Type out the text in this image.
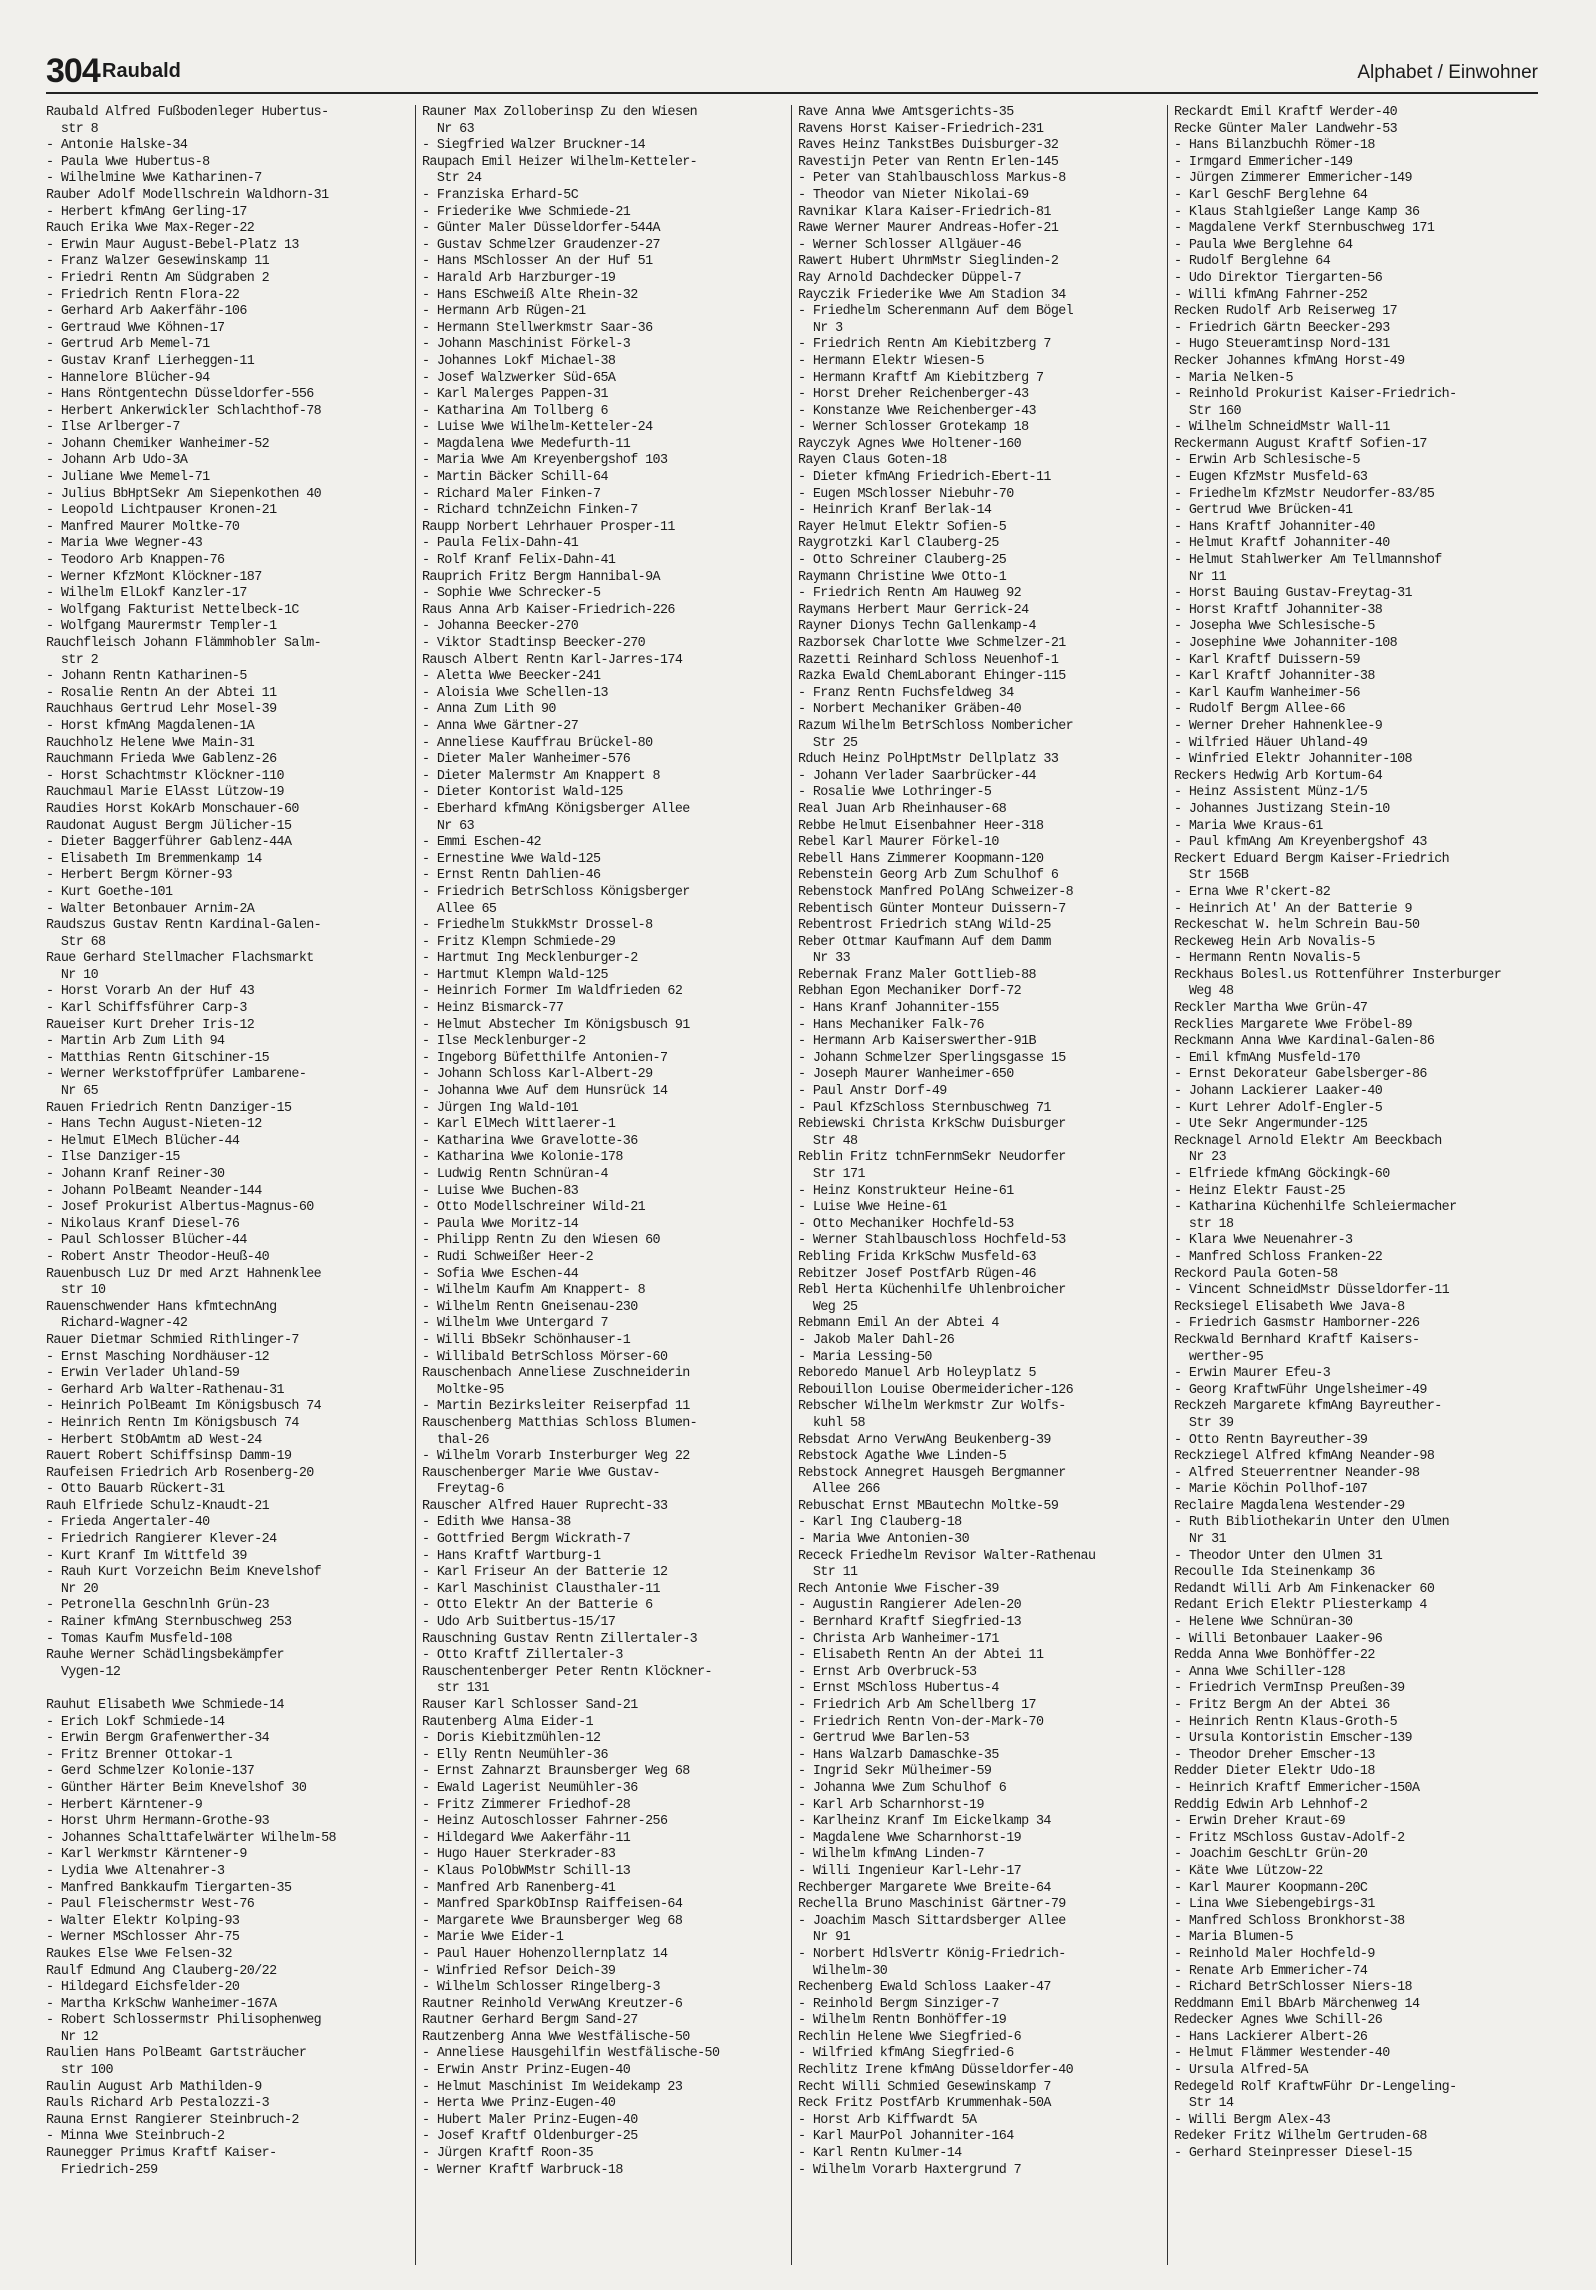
304 Raubald	Alphabet / Einwohner
Raubald Alfred Fußbodenleger Hubertus-
str 8
- Antonie Halske-34
- Paula Wwe Hubertus-8
- Wilhelmine Wwe Katharinen-7
Rauber Adolf Modellschrein Waldhorn-31
- Herbert kfmAng Gerling-17
Rauch Erika Wwe Max-Reger-22
- Erwin Maur August-Bebel-Platz 13
- Franz Walzer Gesewinskamp 11
- Friedri Rentn Am Südgraben 2
- Friedrich Rentn Flora-22
- Gerhard Arb Aakerfähr-106
- Gertraud Wwe Köhnen-17
- Gertrud Arb Memel-71
- Gustav Kranf Lierheggen-11
- Hannelore Blücher-94
- Hans Röntgentechn Düsseldorfer-556
- Herbert Ankerwickler Schlachthof-78
- Ilse Arlberger-7
- Johann Chemiker Wanheimer-52
- Johann Arb Udo-3A
- Juliane Wwe Memel-71
- Julius BbHptSekr Am Siepenkothen 40
- Leopold Lichtpauser Kronen-21
- Manfred Maurer Moltke-70
- Maria Wwe Wegner-43
- Teodoro Arb Knappen-76
- Werner KfzMont Klöckner-187
- Wilhelm ElLokf Kanzler-17
- Wolfgang Fakturist Nettelbeck-1C
- Wolfgang Maurermstr Templer-1
Rauchfleisch Johann Flämmhobler Salm-
str 2
- Johann Rentn Katharinen-5
- Rosalie Rentn An der Abtei 11
Rauchhaus Gertrud Lehr Mosel-39
- Horst kfmAng Magdalenen-1A
Rauchholz Helene Wwe Main-31
Rauchmann Frieda Wwe Gablenz-26
- Horst Schachtmstr Klöckner-110
Rauchmaul Marie ElAsst Lützow-19
Raudies Horst KokArb Monschauer-60
Raudonat August Bergm Jülicher-15
- Dieter Baggerführer Gablenz-44A
- Elisabeth Im Bremmenkamp 14
- Herbert Bergm Körner-93
- Kurt Goethe-101
- Walter Betonbauer Arnim-2A
Raudszus Gustav Rentn Kardinal-Galen-
Str 68
Raue Gerhard Stellmacher Flachsmarkt
Nr 10
- Horst Vorarb An der Huf 43
- Karl Schiffsführer Carp-3
Raueiser Kurt Dreher Iris-12
- Martin Arb Zum Lith 94
- Matthias Rentn Gitschiner-15
- Werner Werkstoffprüfer Lambarene-
Nr 65
Rauen Friedrich Rentn Danziger-15
- Hans Techn August-Nieten-12
- Helmut ElMech Blücher-44
- Ilse Danziger-15
- Johann Kranf Reiner-30
- Johann PolBeamt Neander-144
- Josef Prokurist Albertus-Magnus-60
- Nikolaus Kranf Diesel-76
- Paul Schlosser Blücher-44
- Robert Anstr Theodor-Heuß-40
Rauenbusch Luz Dr med Arzt Hahnenklee
str 10
Rauenschwender Hans kfmtechnAng
Richard-Wagner-42
Rauer Dietmar Schmied Rithlinger-7
- Ernst Masching Nordhäuser-12
- Erwin Verlader Uhland-59
- Gerhard Arb Walter-Rathenau-31
- Heinrich PolBeamt Im Königsbusch 74
- Heinrich Rentn Im Königsbusch 74
- Herbert StObAmtm aD West-24
Rauert Robert Schiffsinsp Damm-19
Raufeisen Friedrich Arb Rosenberg-20
- Otto Bauarb Rückert-31
Rauh Elfriede Schulz-Knaudt-21
- Frieda Angertaler-40
- Friedrich Rangierer Klever-24
- Kurt Kranf Im Wittfeld 39
- Rauh Kurt Vorzeichn Beim Knevelshof
Nr 20
- Petronella Geschnlnh Grün-23
- Rainer kfmAng Sternbuschweg 253
- Tomas Kaufm Musfeld-108
Rauhe Werner Schädlingsbekämpfer
Vygen-12
Rauhut Elisabeth Wwe Schmiede-14
- Erich Lokf Schmiede-14
- Erwin Bergm Grafenwerther-34
- Fritz Brenner Ottokar-1
- Gerd Schmelzer Kolonie-137
- Günther Härter Beim Knevelshof 30
- Herbert Kärntener-9
- Horst Uhrm Hermann-Grothe-93
- Johannes Schalttafelwärter Wilhelm-58
- Karl Werkmstr Kärntener-9
- Lydia Wwe Altenahrer-3
- Manfred Bankkaufm Tiergarten-35
- Paul Fleischermstr West-76
- Walter Elektr Kolping-93
- Werner MSchlosser Ahr-75
Raukes Else Wwe Felsen-32
Raulf Edmund Ang Clauberg-20/22
- Hildegard Eichsfelder-20
- Martha KrkSchw Wanheimer-167A
- Robert Schlossermstr Philisophenweg
Nr 12
Raulien Hans PolBeamt Gartsträucher
str 100
Raulin August Arb Mathilden-9
Rauls Richard Arb Pestalozzi-3
Rauna Ernst Rangierer Steinbruch-2
- Minna Wwe Steinbruch-2
Raunegger Primus Kraftf Kaiser-
Friedrich-259
Rauner Max Zolloberinsp Zu den Wiesen
Nr 63
- Siegfried Walzer Bruckner-14
Raupach Emil Heizer Wilhelm-Ketteler-
Str 24
- Franziska Erhard-5C
- Friederike Wwe Schmiede-21
- Günter Maler Düsseldorfer-544A
- Gustav Schmelzer Graudenzer-27
- Hans MSchlosser An der Huf 51
- Harald Arb Harzburger-19
- Hans ESchweiß Alte Rhein-32
- Hermann Arb Rügen-21
- Hermann Stellwerkmstr Saar-36
- Johann Maschinist Förkel-3
- Johannes Lokf Michael-38
- Josef Walzwerker Süd-65A
- Karl Malerges Pappen-31
- Katharina Am Tollberg 6
- Luise Wwe Wilhelm-Ketteler-24
- Magdalena Wwe Medefurth-11
- Maria Wwe Am Kreyenbergshof 103
- Martin Bäcker Schill-64
- Richard Maler Finken-7
- Richard tchnZeichn Finken-7
Raupp Norbert Lehrhauer Prosper-11
- Paula Felix-Dahn-41
- Rolf Kranf Felix-Dahn-41
Rauprich Fritz Bergm Hannibal-9A
- Sophie Wwe Schrecker-5
Raus Anna Arb Kaiser-Friedrich-226
- Johanna Beecker-270
- Viktor Stadtinsp Beecker-270
Rausch Albert Rentn Karl-Jarres-174
- Aletta Wwe Beecker-241
- Aloisia Wwe Schellen-13
- Anna Zum Lith 90
- Anna Wwe Gärtner-27
- Anneliese Kauffrau Brückel-80
- Dieter Maler Wanheimer-576
- Dieter Malermstr Am Knappert 8
- Dieter Kontorist Wald-125
- Eberhard kfmAng Königsberger Allee
Nr 63
- Emmi Eschen-42
- Ernestine Wwe Wald-125
- Ernst Rentn Dahlien-46
- Friedrich BetrSchloss Königsberger
Allee 65
- Friedhelm StukkMstr Drossel-8
- Fritz Klempn Schmiede-29
- Hartmut Ing Mecklenburger-2
- Hartmut Klempn Wald-125
- Heinrich Former Im Waldfrieden 62
- Heinz Bismarck-77
- Helmut Abstecher Im Königsbusch 91
- Ilse Mecklenburger-2
- Ingeborg Büfetthilfe Antonien-7
- Johann Schloss Karl-Albert-29
- Johanna Wwe Auf dem Hunsrück 14
- Jürgen Ing Wald-101
- Karl ElMech Wittlaerer-1
- Katharina Wwe Gravelotte-36
- Katharina Wwe Kolonie-178
- Ludwig Rentn Schnüran-4
- Luise Wwe Buchen-83
- Otto Modellschreiner Wild-21
- Paula Wwe Moritz-14
- Philipp Rentn Zu den Wiesen 60
- Rudi Schweißer Heer-2
- Sofia Wwe Eschen-44
- Wilhelm Kaufm Am Knappert- 8
- Wilhelm Rentn Gneisenau-230
- Wilhelm Wwe Untergard 7
- Willi BbSekr Schönhauser-1
- Willibald BetrSchloss Mörser-60
Rauschenbach Anneliese Zuschneiderin
Moltke-95
- Martin Bezirksleiter Reiserpfad 11
Rauschenberg Matthias Schloss Blumen-
thal-26
- Wilhelm Vorarb Insterburger Weg 22
Rauschenberger Marie Wwe Gustav-
Freytag-6
Rauscher Alfred Hauer Ruprecht-33
- Edith Wwe Hansa-38
- Gottfried Bergm Wickrath-7
- Hans Kraftf Wartburg-1
- Karl Friseur An der Batterie 12
- Karl Maschinist Clausthaler-11
- Otto Elektr An der Batterie 6
- Udo Arb Suitbertus-15/17
Rauschning Gustav Rentn Zillertaler-3
- Otto Kraftf Zillertaler-3
Rauschentenberger Peter Rentn Klöckner-
str 131
Rauser Karl Schlosser Sand-21
Rautenberg Alma Eider-1
- Doris Kiebitzmühlen-12
- Elly Rentn Neumühler-36
- Ernst Zahnarzt Braunsberger Weg 68
- Ewald Lagerist Neumühler-36
- Fritz Zimmerer Friedhof-28
- Heinz Autoschlosser Fahrner-256
- Hildegard Wwe Aakerfähr-11
- Hugo Hauer Sterkrader-83
- Klaus PolObWMstr Schill-13
- Manfred Arb Ranenberg-41
- Manfred SparkObInsp Raiffeisen-64
- Margarete Wwe Braunsberger Weg 68
- Marie Wwe Eider-1
- Paul Hauer Hohenzollernplatz 14
- Winfried Refsor Deich-39
- Wilhelm Schlosser Ringelberg-3
Rautner Reinhold VerwAng Kreutzer-6
Rautner Gerhard Bergm Sand-27
Rautzenberg Anna Wwe Westfälische-50
- Anneliese Hausgehilfin Westfälische-50
- Erwin Anstr Prinz-Eugen-40
- Helmut Maschinist Im Weidekamp 23
- Herta Wwe Prinz-Eugen-40
- Hubert Maler Prinz-Eugen-40
- Josef Kraftf Oldenburger-25
- Jürgen Kraftf Roon-35
- Werner Kraftf Warbruck-18
Rave Anna Wwe Amtsgerichts-35
Ravens Horst Kaiser-Friedrich-231
Raves Heinz TankstBes Duisburger-32
Ravestijn Peter van Rentn Erlen-145
- Peter van Stahlbauschloss Markus-8
- Theodor van Nieter Nikolai-69
Ravnikar Klara Kaiser-Friedrich-81
Rawe Werner Maurer Andreas-Hofer-21
- Werner Schlosser Allgäuer-46
Rawert Hubert UhrmMstr Sieglinden-2
Ray Arnold Dachdecker Düppel-7
Rayczik Friederike Wwe Am Stadion 34
- Friedhelm Scherenmann Auf dem Bögel
Nr 3
- Friedrich Rentn Am Kiebitzberg 7
- Hermann Elektr Wiesen-5
- Hermann Kraftf Am Kiebitzberg 7
- Horst Dreher Reichenberger-43
- Konstanze Wwe Reichenberger-43
- Werner Schlosser Grotekamp 18
Rayczyk Agnes Wwe Holtener-160
Rayen Claus Goten-18
- Dieter kfmAng Friedrich-Ebert-11
- Eugen MSchlosser Niebuhr-70
- Heinrich Kranf Berlak-14
Rayer Helmut Elektr Sofien-5
Raygrotzki Karl Clauberg-25
- Otto Schreiner Clauberg-25
Raymann Christine Wwe Otto-1
- Friedrich Rentn Am Hauweg 92
Raymans Herbert Maur Gerrick-24
Rayner Dionys Techn Gallenkamp-4
Razborsek Charlotte Wwe Schmelzer-21
Razetti Reinhard Schloss Neuenhof-1
Razka Ewald ChemLaborant Ehinger-115
- Franz Rentn Fuchsfeldweg 34
- Norbert Mechaniker Gräben-40
Razum Wilhelm BetrSchloss Nombericher
Str 25
Rduch Heinz PolHptMstr Dellplatz 33
- Johann Verlader Saarbrücker-44
- Rosalie Wwe Lothringer-5
Real Juan Arb Rheinhauser-68
Rebbe Helmut Eisenbahner Heer-318
Rebel Karl Maurer Förkel-10
Rebell Hans Zimmerer Koopmann-120
Rebenstein Georg Arb Zum Schulhof 6
Rebenstock Manfred PolÄng Schweizer-8
Rebentisch Günter Monteur Duissern-7
Rebentrost Friedrich stAng Wild-25
Reber Ottmar Kaufmann Auf dem Damm
Nr 33
Rebernak Franz Maler Gottlieb-88
Rebhan Egon Mechaniker Dorf-72
- Hans Kranf Johanniter-155
- Hans Mechaniker Falk-76
- Hermann Arb Kaiserswerther-91B
- Johann Schmelzer Sperlingsgasse 15
- Joseph Maurer Wanheimer-650
- Paul Anstr Dorf-49
- Paul KfzSchloss Sternbuschweg 71
Rebiewski Christa KrkSchw Duisburger
Str 48
Reblin Fritz tchnFernmSekr Neudorfer
Str 171
- Heinz Konstrukteur Heine-61
- Luise Wwe Heine-61
- Otto Mechaniker Hochfeld-53
- Werner Stahlbauschloss Hochfeld-53
Rebling Frida KrkSchw Musfeld-63
Rebitzer Josef PostfArb Rügen-46
Rebl Herta Küchenhilfe Uhlenbroicher
Weg 25
Rebmann Emil An der Abtei 4
- Jakob Maler Dahl-26
- Maria Lessing-50
Reboredo Manuel Arb Holeyplatz 5
Rebouillon Louise Obermeidericher-126
Rebscher Wilhelm Werkmstr Zur Wolfs-
kuhl 58
Rebsdat Arno VerwÄng Beukenberg-39
Rebstock Agathe Wwe Linden-5
Rebstock Annegret Hausgeh Bergmanner
Allee 266
Rebuschat Ernst MBautechn Moltke-59
- Karl Ing Clauberg-18
- Maria Wwe Antonien-30
Receck Friedhelm Revisor Walter-Rathenau
Str 11
Rech Antonie Wwe Fischer-39
- Augustin Rangierer Adelen-20
- Bernhard Kraftf Siegfried-13
- Christa Arb Wanheimer-171
- Elisabeth Rentn An der Abtei 11
- Ernst Arb Overbruck-53
- Ernst MSchloss Hubertus-4
- Friedrich Arb Am Schellberg 17
- Friedrich Rentn Von-der-Mark-70
- Gertrud Wwe Barlen-53
- Hans Walzarb Damaschke-35
- Ingrid Sekr Mülheimer-59
- Johanna Wwe Zum Schulhof 6
- Karl Arb Scharnhorst-19
- Karlheinz Kranf Im Eickelkamp 34
- Magdalene Wwe Scharnhorst-19
- Wilhelm kfmAng Linden-7
- Willi Ingenieur Karl-Lehr-17
Rechberger Margarete Wwe Breite-64
Rechella Bruno Maschinist Gärtner-79
- Joachim Masch Sittardsberger Allee
Nr 91
- Norbert HdlsVertr König-Friedrich-
Wilhelm-30
Rechenberg Ewald Schloss Laaker-47
- Reinhold Bergm Sinziger-7
- Wilhelm Rentn Bonhöffer-19
Rechlin Helene Wwe Siegfried-6
- Wilfried kfmAng Siegfried-6
Rechlitz Irene kfmAng Düsseldorfer-40
Recht Willi Schmied Gesewinskamp 7
Reck Fritz PostfArb Krummenhak-50A
- Horst Arb Kiffwardt 5A
- Karl MaurPol Johanniter-164
- Karl Rentn Kulmer-14
- Wilhelm Vorarb Haxtergrund 7
Reckardt Emil Kraftf Werder-40
Recke Günter Maler Landwehr-53
- Hans Bilanzbuchh Römer-18
- Irmgard Emmericher-149
- Jürgen Zimmerer Emmericher-149
- Karl GeschF Berglehne 64
- Klaus Stahlgießer Lange Kamp 36
- Magdalene Verkf Sternbuschweg 171
- Paula Wwe Berglehne 64
- Rudolf Berglehne 64
- Udo Direktor Tiergarten-56
- Willi kfmAng Fahrner-252
Recken Rudolf Arb Reiserweg 17
- Friedrich Gärtn Beecker-293
- Hugo Steueramtinsp Nord-131
Recker Johannes kfmAng Horst-49
- Maria Nelken-5
- Reinhold Prokurist Kaiser-Friedrich-
Str 160
- Wilhelm SchneidMstr Wall-11
Reckermann August Kraftf Sofien-17
- Erwin Arb Schlesische-5
- Eugen KfzMstr Musfeld-63
- Friedhelm KfzMstr Neudorfer-83/85
- Gertrud Wwe Brücken-41
- Hans Kraftf Johanniter-40
- Helmut Kraftf Johanniter-40
- Helmut Stahlwerker Am Tellmannshof
Nr 11
- Horst Bauing Gustav-Freytag-31
- Horst Kraftf Johanniter-38
- Josepha Wwe Schlesische-5
- Josephine Wwe Johanniter-108
- Karl Kraftf Duissern-59
- Karl Kraftf Johanniter-38
- Karl Kaufm Wanheimer-56
- Rudolf Bergm Allee-66
- Werner Dreher Hahnenklee-9
- Wilfried Häuer Uhland-49
- Winfried Elektr Johanniter-108
Reckers Hedwig Arb Kortum-64
- Heinz Assistent Münz-1/5
- Johannes Justizang Stein-10
- Maria Wwe Kraus-61
- Paul kfmAng Am Kreyenbergshof 43
Reckert Eduard Bergm Kaiser-Friedrich
Str 156B
- Erna Wwe R'ckert-82
- Heinrich At' An der Batterie 9
Reckeschat W. helm Schrein Bau-50
Reckeweg Hein Arb Novalis-5
- Hermann Rentn Novalis-5
Reckhaus Bolesl.us Rottenführer Insterburger
Weg 48
Reckler Martha Wwe Grün-47
Recklies Margarete Wwe Fröbel-89
Reckmann Anna Wwe Kardinal-Galen-86
- Emil kfmAng Musfeld-170
- Ernst Dekorateur Gabelsberger-86
- Johann Lackierer Laaker-40
- Kurt Lehrer Adolf-Engler-5
- Ute Sekr Angermunder-125
Recknagel Arnold Elektr Am Beeckbach
Nr 23
- Elfriede kfmAng Göckingk-60
- Heinz Elektr Faust-25
- Katharina Küchenhilfe Schleiermacher
str 18
- Klara Wwe Neuenahrer-3
- Manfred Schloss Franken-22
Reckord Paula Goten-58
- Vincent SchneidMstr Düsseldorfer-11
Recksiegel Elisabeth Wwe Java-8
- Friedrich Gasmstr Hamborner-226
Reckwald Bernhard Kraftf Kaisers-
werther-95
- Erwin Maurer Efeu-3
- Georg KraftwFühr Ungelsheimer-49
Reckzeh Margarete kfmAng Bayreuther-
Str 39
- Otto Rentn Bayreuther-39
Reckziegel Alfred kfmAng Neander-98
- Alfred Steuerrentner Neander-98
- Marie Köchin Pollhof-107
Reclaire Magdalena Westender-29
- Ruth Bibliothekarin Unter den Ulmen
Nr 31
- Theodor Unter den Ulmen 31
Recoulle Ida Steinenkamp 36
Redandt Willi Arb Am Finkenacker 60
Redant Erich Elektr Pliesterkamp 4
- Helene Wwe Schnüran-30
- Willi Betonbauer Laaker-96
Redda Anna Wwe Bonhöffer-22
- Anna Wwe Schiller-128
- Friedrich VermInsp Preußen-39
- Fritz Bergm An der Abtei 36
- Heinrich Rentn Klaus-Groth-5
- Ursula Kontoristin Emscher-139
- Theodor Dreher Emscher-13
Redder Dieter Elektr Udo-18
- Heinrich Kraftf Emmericher-150A
Reddig Edwin Arb Lehnhof-2
- Erwin Dreher Kraut-69
- Fritz MSchloss Gustav-Adolf-2
- Joachim GeschLtr Grün-20
- Käte Wwe Lützow-22
- Karl Maurer Koopmann-20C
- Lina Wwe Siebengebirgs-31
- Manfred Schloss Bronkhorst-38
- Maria Blumen-5
- Reinhold Maler Hochfeld-9
- Renate Arb Emmericher-74
- Richard BetrSchlosser Niers-18
Reddmann Emil BbArb Märchenweg 14
Redecker Agnes Wwe Schill-26
- Hans Lackierer Albert-26
- Helmut Flämmer Westender-40
- Ursula Alfred-5A
Redegeld Rolf KraftwFühr Dr-Lengeling-
Str 14
- Willi Bergm Alex-43
Redeker Fritz Wilhelm Gertruden-68
- Gerhard Steinpresser Diesel-15
